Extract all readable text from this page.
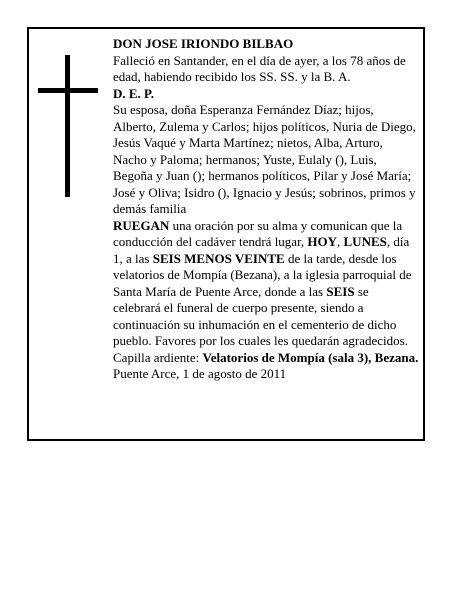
DON JOSE IRIONDO BILBAO

Falleció en Santander, en el día de ayer, a los 78 años de edad, habiendo recibido los SS. SS. y la B. A.

D. E. P.

Su esposa, doña Esperanza Fernández Díaz; hijos, Alberto, Zulema y Carlos; hijos políticos, Nuria de Diego, Jesús Vaqué y Marta Martínez; nietos, Alba, Arturo, Nacho y Paloma; hermanos; Yuste, Eulaly (), Luis, Begoña y Juan (); hermanos políticos, Pilar y José María; José y Oliva; Isidro (), Ignacio y Jesús; sobrinos, primos y demás familia

RUEGAN una oración por su alma y comunican que la conducción del cadáver tendrá lugar, HOY, LUNES, día 1, a las SEIS MENOS VEINTE de la tarde, desde los velatorios de Mompía (Bezana), a la iglesia parroquial de Santa María de Puente Arce, donde a las SEIS se celebrará el funeral de cuerpo presente, siendo a continuación su inhumación en el cementerio de dicho pueblo. Favores por los cuales les quedarán agradecidos.

Capilla ardiente: Velatorios de Mompía (sala 3), Bezana.

Puente Arce, 1 de agosto de 2011
